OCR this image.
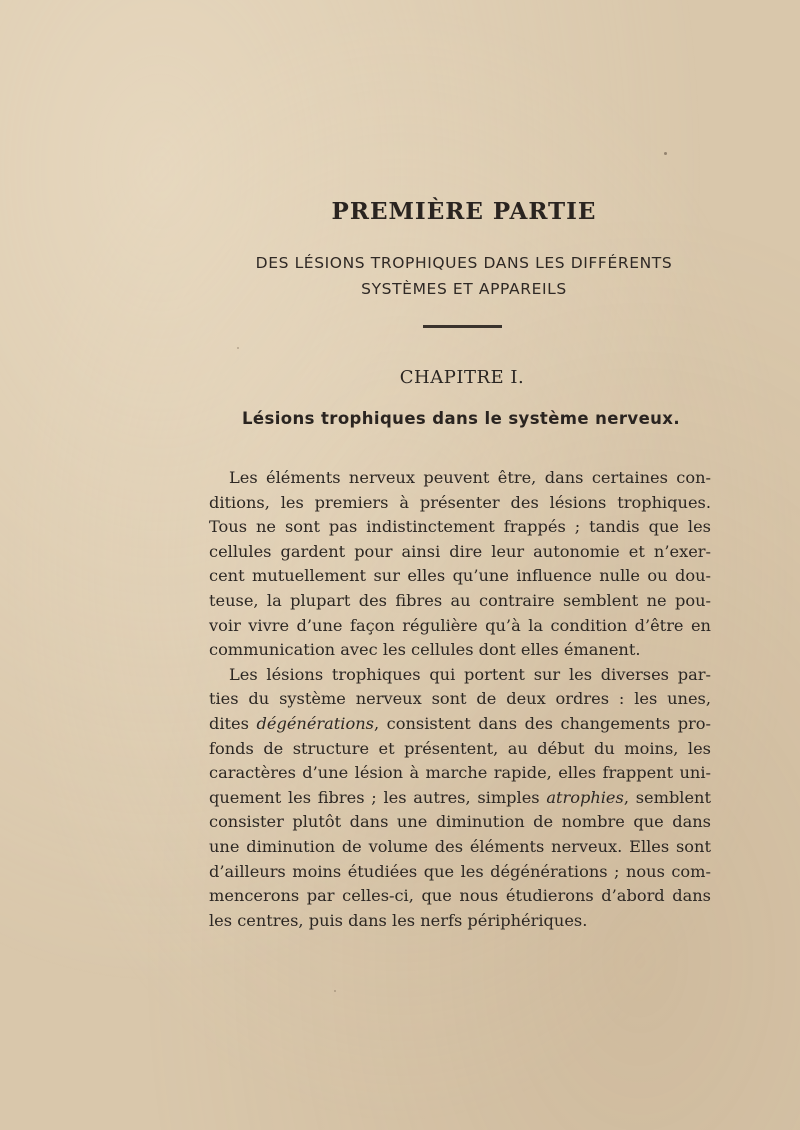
PREMIÈRE PARTIE
DES LÉSIONS TROPHIQUES DANS LES DIFFÉRENTS
SYSTÈMES ET APPAREILS
CHAPITRE I.
Lésions trophiques dans le système nerveux.
Les éléments nerveux peuvent être, dans certaines con-
ditions, les premiers à présenter des lésions trophiques.
Tous ne sont pas indistinctement frappés ; tandis que les
cellules gardent pour ainsi dire leur autonomie et n’exer-
cent mutuellement sur elles qu’une influence nulle ou dou-
teuse, la plupart des fibres au contraire semblent ne pou-
voir vivre d’une façon régulière qu’à la condition d’être en
communication avec les cellules dont elles émanent.
Les lésions trophiques qui portent sur les diverses par-
ties du système nerveux sont de deux ordres : les unes,
dites dégénérations, consistent dans des changements pro-
fonds de structure et présentent, au début du moins, les
caractères d’une lésion à marche rapide, elles frappent uni-
quement les fibres ; les autres, simples atrophies, semblent
consister plutôt dans une diminution de nombre que dans
une diminution de volume des éléments nerveux. Elles sont
d’ailleurs moins étudiées que les dégénérations ; nous com-
mencerons par celles-ci, que nous étudierons d’abord dans
les centres, puis dans les nerfs périphériques.
